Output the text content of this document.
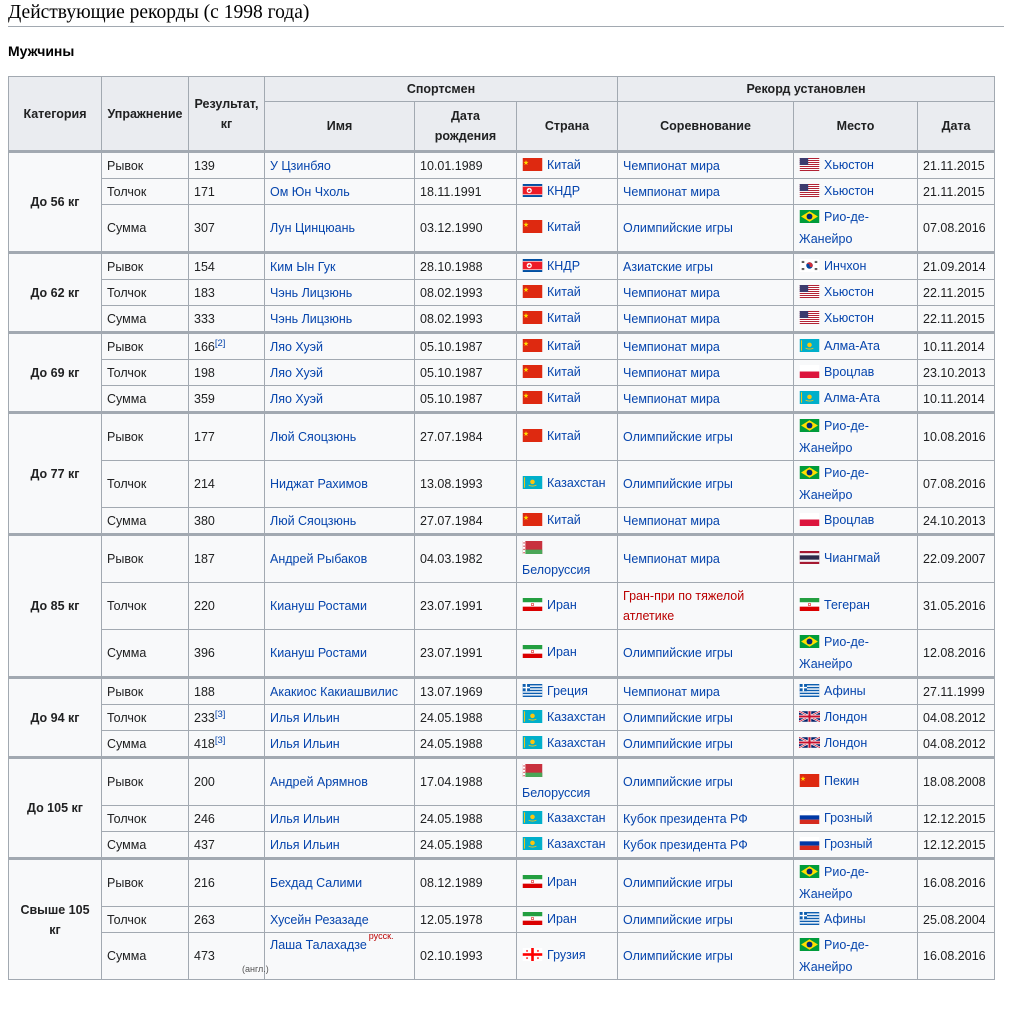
Действующие рекорды (с 1998 года)
Мужчины
Категория	Упражнение	Результат, кг	Спортсмен			Рекорд установлен		
			Имя	Дата рождения	Страна	Соревнование	Место	Дата
До 56 кг	Рывок	139	У Цзинбяо	10.01.1989	Китай	Чемпионат мира	Хьюстон	21.11.2015
	Толчок	171	Ом Юн Чхоль	18.11.1991	КНДР	Чемпионат мира	Хьюстон	21.11.2015
	Сумма	307	Лун Цинцюань	03.12.1990	Китай	Олимпийские игры	Рио-де-Жанейро	07.08.2016
До 62 кг	Рывок	154	Ким Ын Гук	28.10.1988	КНДР	Азиатские игры	Инчхон	21.09.2014
	Толчок	183	Чэнь Лицзюнь	08.02.1993	Китай	Чемпионат мира	Хьюстон	22.11.2015
	Сумма	333	Чэнь Лицзюнь	08.02.1993	Китай	Чемпионат мира	Хьюстон	22.11.2015
До 69 кг	Рывок	166[2]	Ляо Хуэй	05.10.1987	Китай	Чемпионат мира	Алма-Ата	10.11.2014
	Толчок	198	Ляо Хуэй	05.10.1987	Китай	Чемпионат мира	Вроцлав	23.10.2013
	Сумма	359	Ляо Хуэй	05.10.1987	Китай	Чемпионат мира	Алма-Ата	10.11.2014
До 77 кг	Рывок	177	Люй Сяоцзюнь	27.07.1984	Китай	Олимпийские игры	Рио-де-Жанейро	10.08.2016
	Толчок	214	Ниджат Рахимов	13.08.1993	Казахстан	Олимпийские игры	Рио-де-Жанейро	07.08.2016
	Сумма	380	Люй Сяоцзюнь	27.07.1984	Китай	Чемпионат мира	Вроцлав	24.10.2013
До 85 кг	Рывок	187	Андрей Рыбаков	04.03.1982	Белоруссия	Чемпионат мира	Чиангмай	22.09.2007
	Толчок	220	Киануш Ростами	23.07.1991	Иран	Гран-при по тяжелой атлетике	Тегеран	31.05.2016
	Сумма	396	Киануш Ростами	23.07.1991	Иран	Олимпийские игры	Рио-де-Жанейро	12.08.2016
До 94 кг	Рывок	188	Акакиос Какиашвилис	13.07.1969	Греция	Чемпионат мира	Афины	27.11.1999
	Толчок	233[3]	Илья Ильин	24.05.1988	Казахстан	Олимпийские игры	Лондон	04.08.2012
	Сумма	418[3]	Илья Ильин	24.05.1988	Казахстан	Олимпийские игры	Лондон	04.08.2012
До 105 кг	Рывок	200	Андрей Арямнов	17.04.1988	Белоруссия	Олимпийские игры	Пекин	18.08.2008
	Толчок	246	Илья Ильин	24.05.1988	Казахстан	Кубок президента РФ	Грозный	12.12.2015
	Сумма	437	Илья Ильин	24.05.1988	Казахстан	Кубок президента РФ	Грозный	12.12.2015
Свыше 105 кг	Рывок	216	Бехдад Салими	08.12.1989	Иран	Олимпийские игры	Рио-де-Жанейро	16.08.2016
	Толчок	263	Хусейн Резазаде	12.05.1978	Иран	Олимпийские игры	Афины	25.08.2004
	Сумма	473	Лаша Талахадзерусск.(англ.)	02.10.1993	Грузия	Олимпийские игры	Рио-де-Жанейро	16.08.2016
